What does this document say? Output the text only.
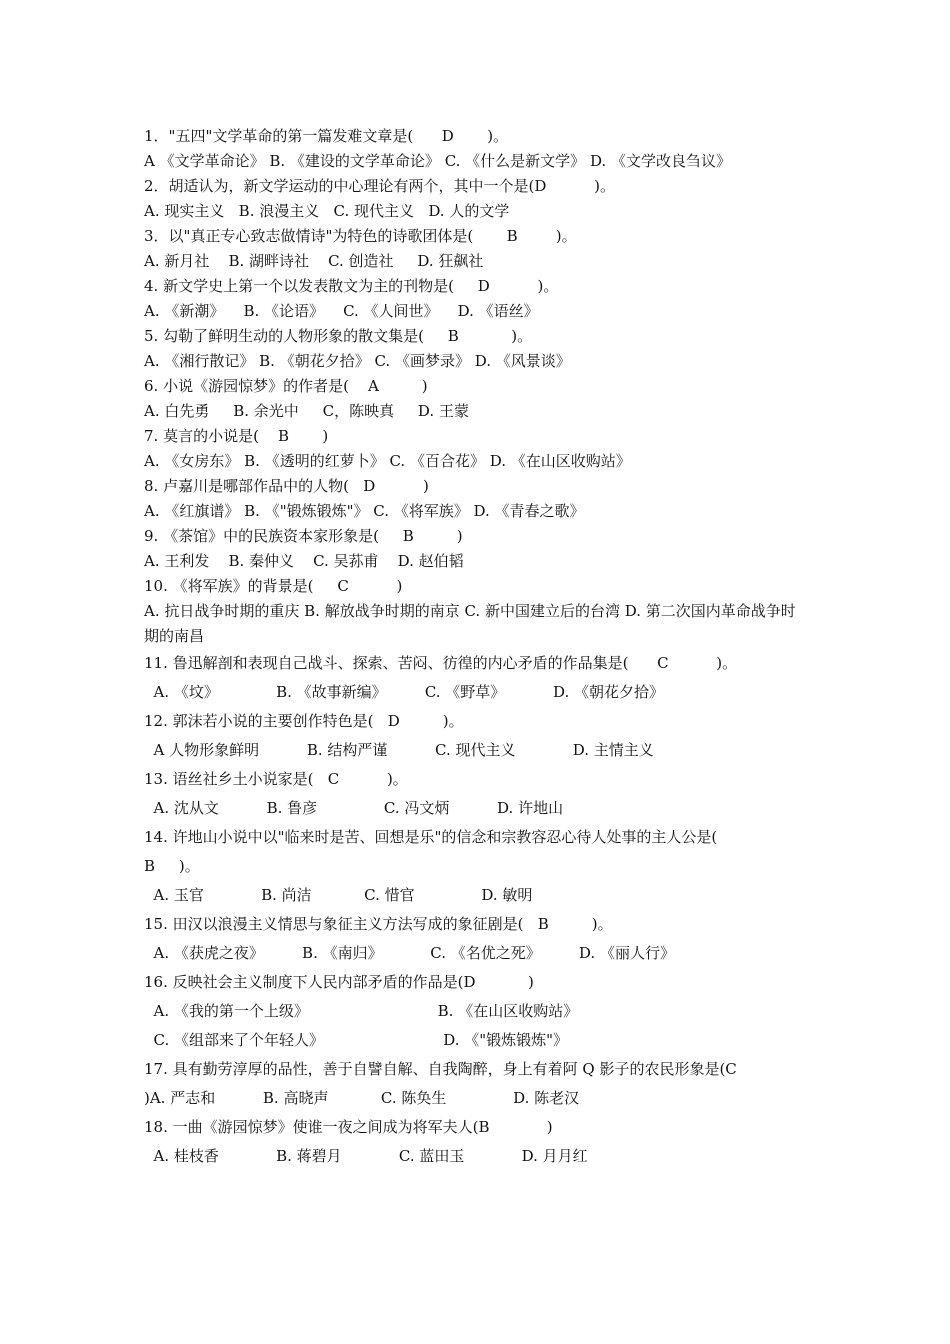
1．"五四"文学革命的第一篇发难文章是(      D       )。
A 《文学革命论》 B. 《建设的文学革命论》 C. 《什么是新文学》 D. 《文学改良刍议》
2．胡适认为，新文学运动的中心理论有两个，其中一个是(D          )。
A. 现实主义   B. 浪漫主义   C. 现代主义   D. 人的文学
3．以"真正专心致志做情诗"为特色的诗歌团体是(       B        )。
A. 新月社    B. 湖畔诗社    C. 创造社     D. 狂飙社
4. 新文学史上第一个以发表散文为主的刊物是(     D          )。
A. 《新潮》    B. 《论语》    C. 《人间世》    D. 《语丝》
5. 勾勒了鲜明生动的人物形象的散文集是(     B           )。
A. 《湘行散记》 B. 《朝花夕拾》 C. 《画梦录》 D. 《风景谈》
6. 小说《游园惊梦》的作者是(    A         )
A. 白先勇     B. 余光中     C，陈映真     D. 王蒙
7. 莫言的小说是(    B       )
A. 《女房东》 B. 《透明的红萝卜》 C. 《百合花》 D. 《在山区收购站》
8. 卢嘉川是哪部作品中的人物(   D          )
A. 《红旗谱》 B. 《"锻炼锻炼"》 C. 《将军族》 D. 《青春之歌》
9. 《茶馆》中的民族资本家形象是(     B         )
A. 王利发    B. 秦仲义    C. 吴荪甫    D. 赵伯韬
10. 《将军族》的背景是(     C          )
A. 抗日战争时期的重庆 B. 解放战争时期的南京 C. 新中国建立后的台湾 D. 第二次国内革命战争时期的南昌
11. 鲁迅解剖和表现自己战斗、探索、苦闷、彷徨的内心矛盾的作品集是(      C          )。
A. 《坟》            B. 《故事新编》        C. 《野草》          D. 《朝花夕拾》
12. 郭沫若小说的主要创作特色是(   D         )。
A 人物形象鲜明          B. 结构严谨          C. 现代主义            D. 主情主义
13. 语丝社乡土小说家是(   C          )。
A. 沈从文          B. 鲁彦              C. 冯文炳          D. 许地山
14. 许地山小说中以"临来时是苦、回想是乐"的信念和宗教容忍心待人处事的主人公是(
B     )。
A. 玉官            B. 尚洁           C. 惜官              D. 敏明
15. 田汉以浪漫主义情思与象征主义方法写成的象征剧是(   B         )。
A. 《获虎之夜》        B. 《南归》          C. 《名优之死》        D. 《丽人行》
16. 反映社会主义制度下人民内部矛盾的作品是(D           )
A. 《我的第一个上级》                           B. 《在山区收购站》
C. 《组部来了个年轻人》                         D. 《"锻炼锻炼"》
17. 具有勤劳淳厚的品性，善于自譬自解、自我陶醉，身上有着阿 Q 影子的农民形象是(C
)A. 严志和          B. 高晓声           C. 陈奂生              D. 陈老汉
18. 一曲《游园惊梦》使谁一夜之间成为将军夫人(B            )
A. 桂枝香            B. 蒋碧月            C. 蓝田玉            D. 月月红
